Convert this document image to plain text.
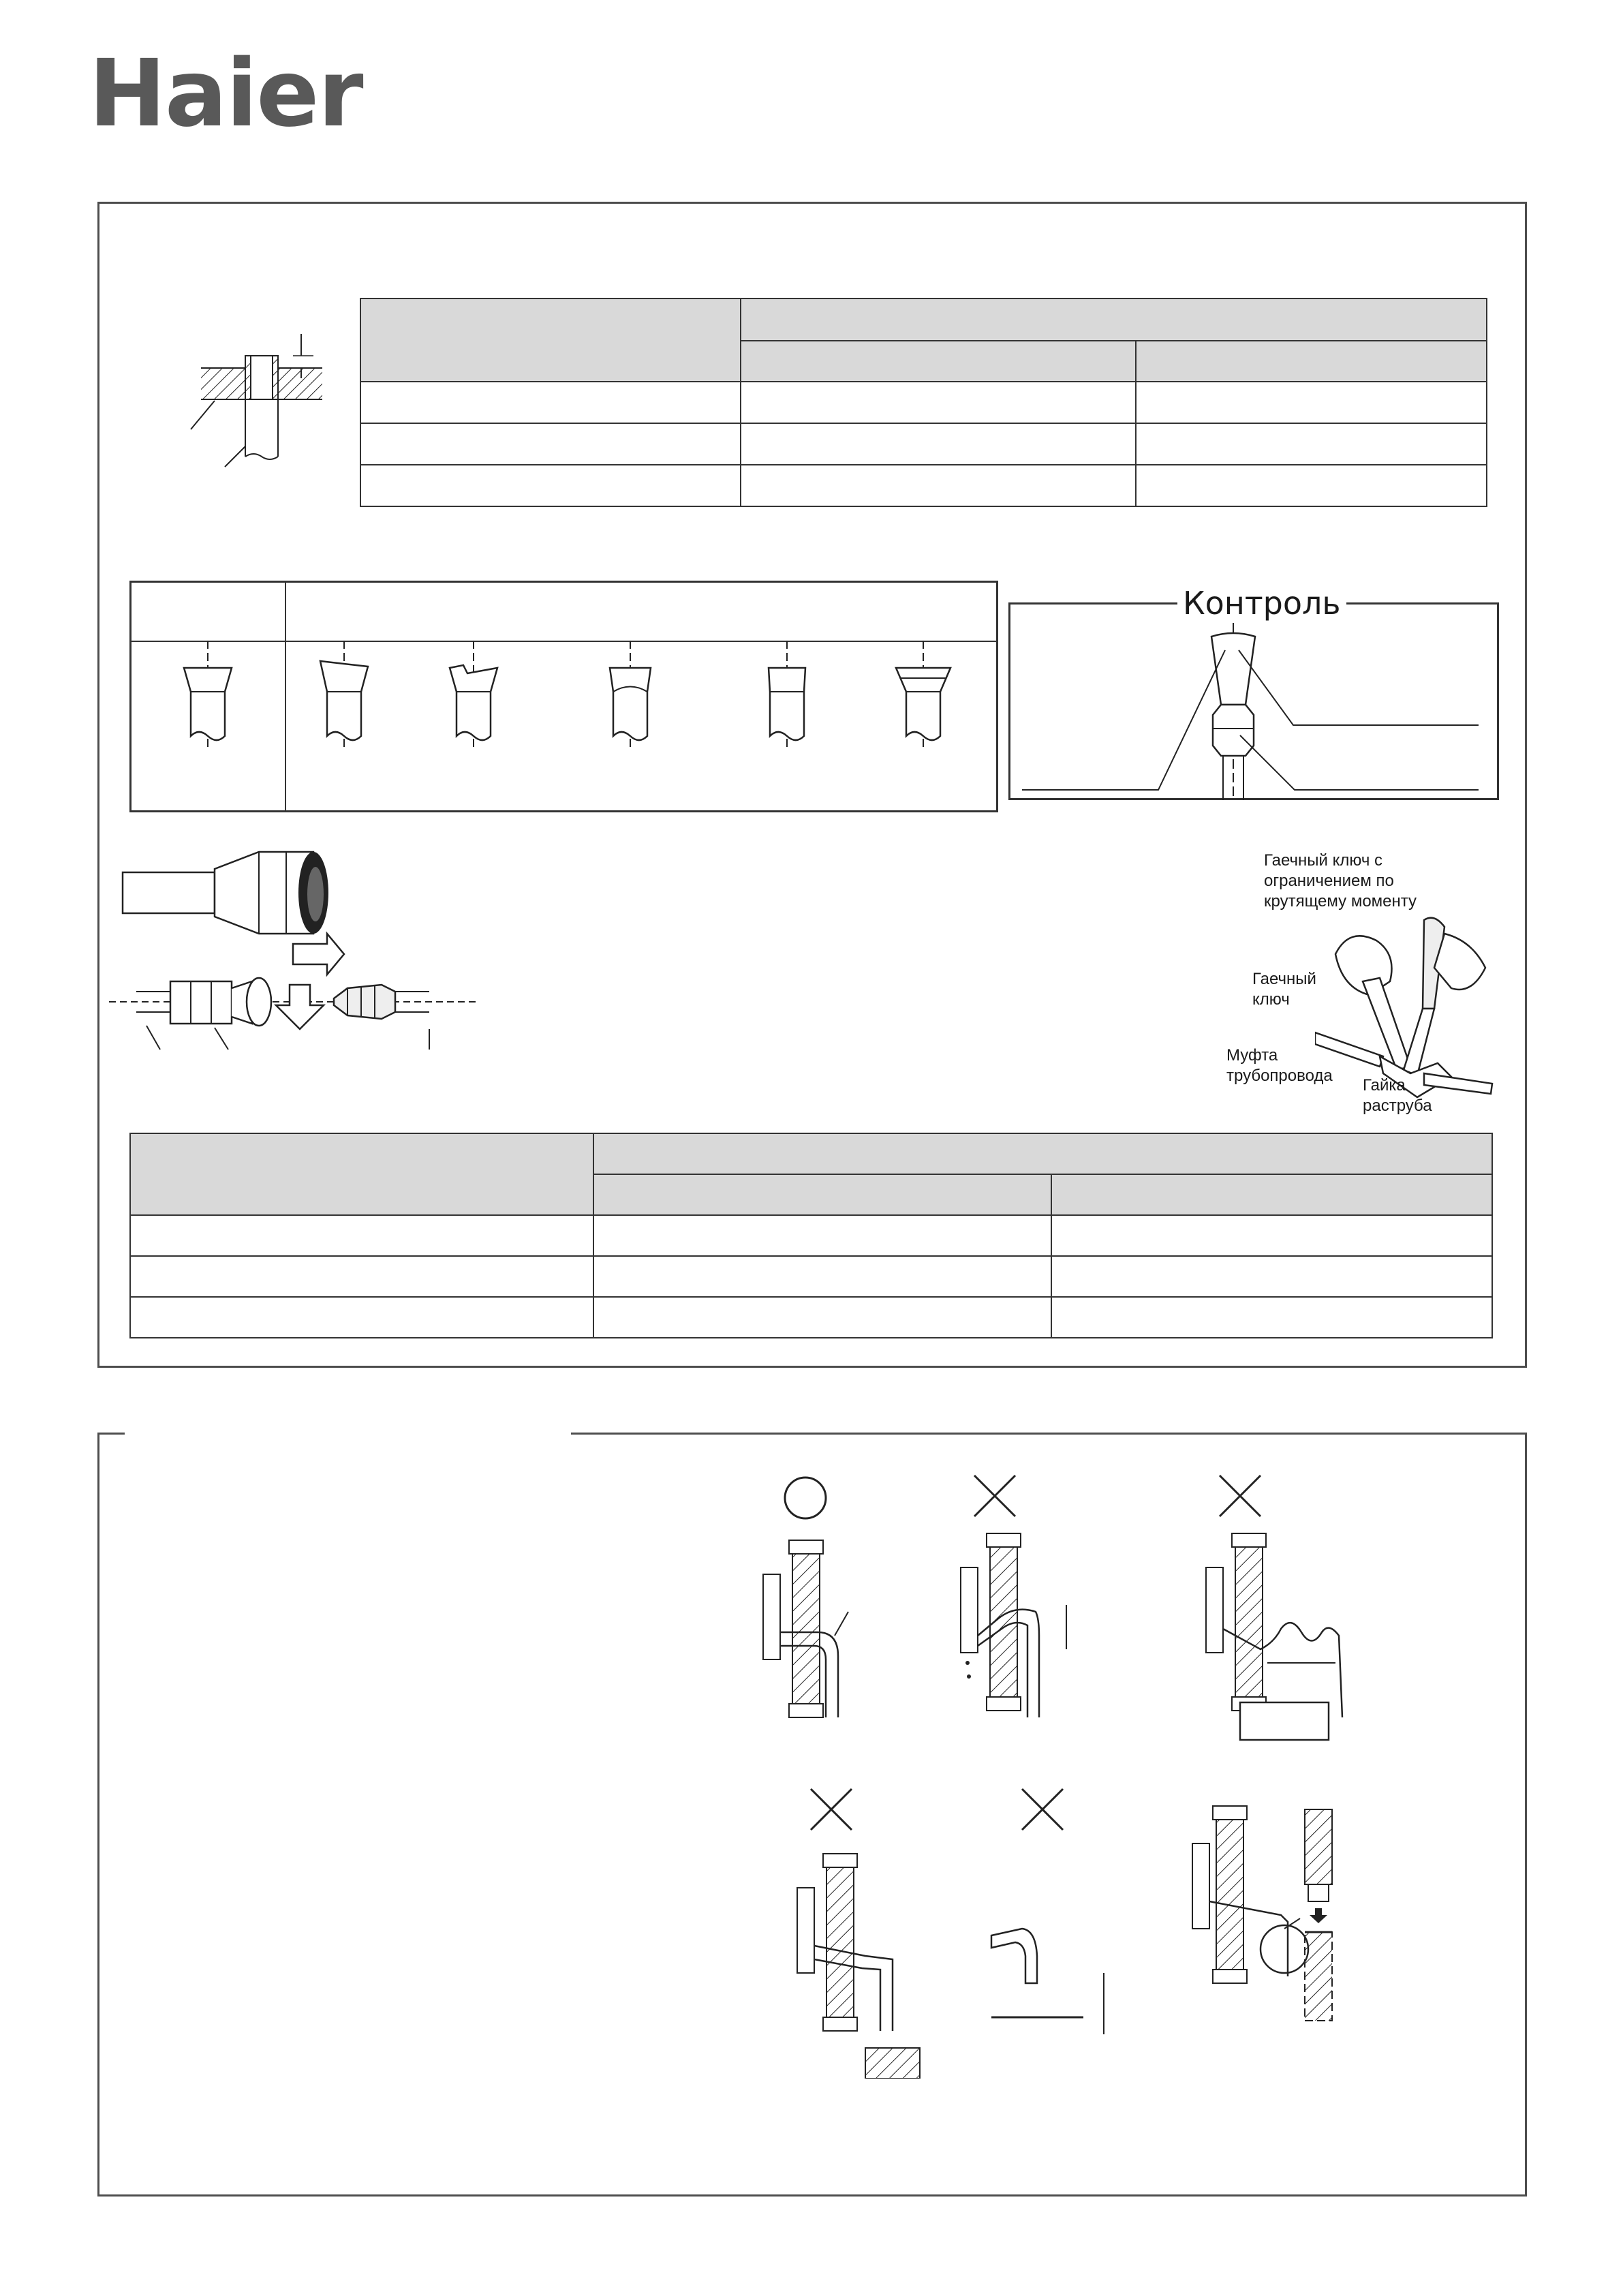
Haier

Контроль
Гаечный ключ с
ограничением по
крутящему моменту
Гаечный
ключ
Муфта
трубопровода
Гайка
раструба
